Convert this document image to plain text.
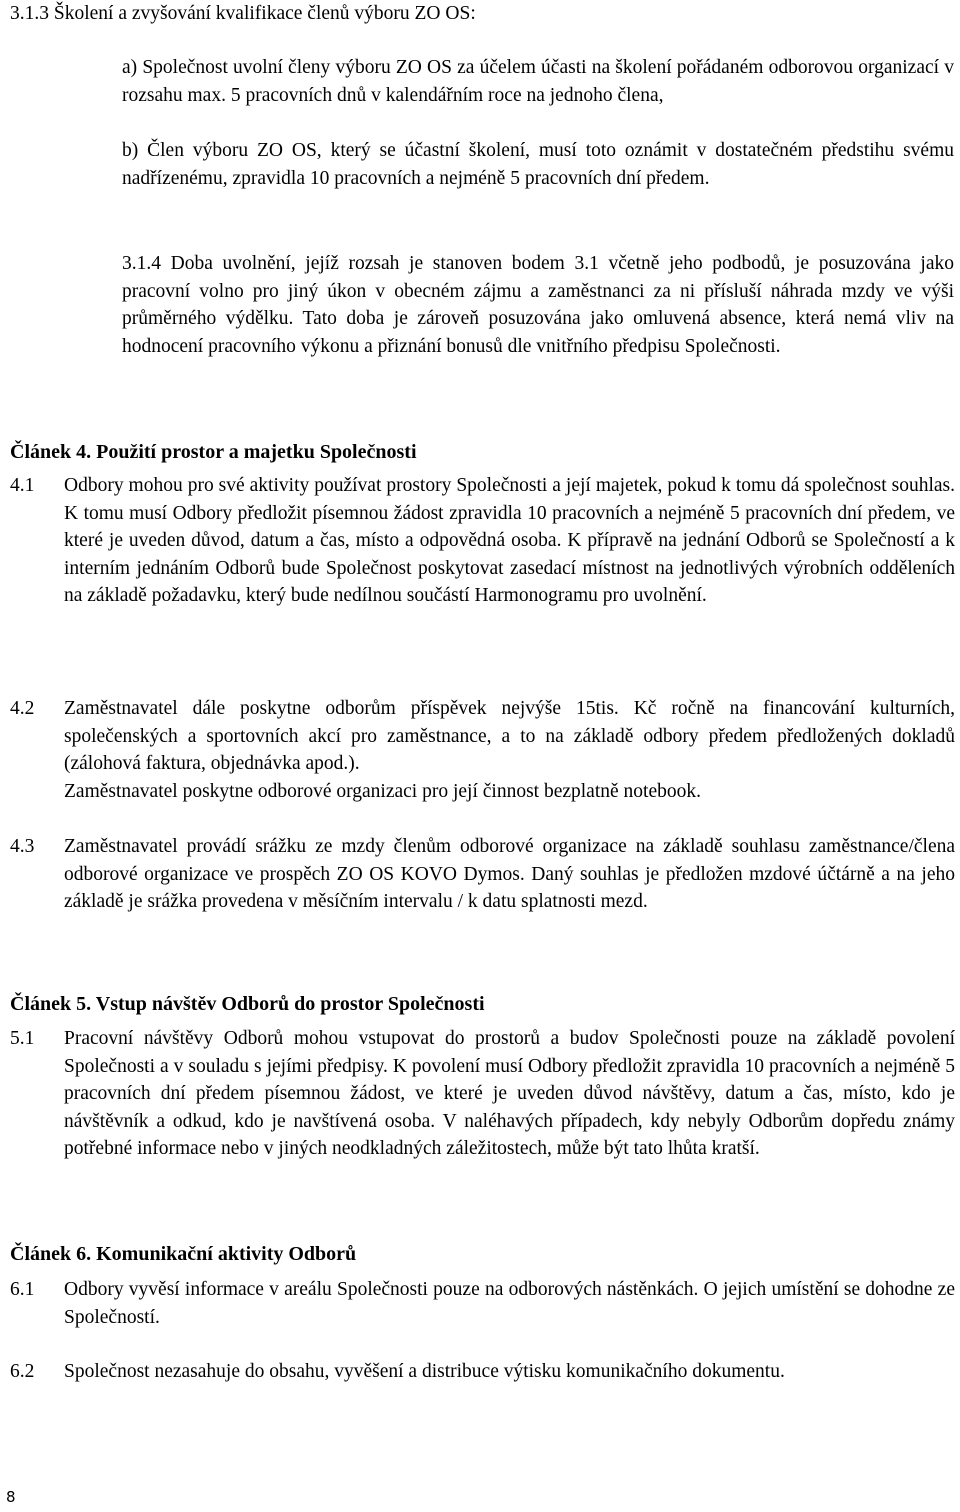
3.1.3 Školení a zvyšování kvalifikace členů výboru ZO OS:
a) Společnost uvolní členy výboru ZO OS za účelem účasti na školení pořádaném odborovou organizací v rozsahu max. 5 pracovních dnů v kalendářním roce na jednoho člena,
b) Člen výboru ZO OS, který se účastní školení, musí toto oznámit v dostatečném předstihu svému nadřízenému, zpravidla 10 pracovních a nejméně 5 pracovních dní předem.
3.1.4 Doba uvolnění, jejíž rozsah je stanoven bodem 3.1 včetně jeho podbodů, je posuzována jako pracovní volno pro jiný úkon v obecném zájmu a zaměstnanci za ni přísluší náhrada mzdy ve výši průměrného výdělku. Tato doba je zároveň posuzována jako omluvená absence, která nemá vliv na hodnocení pracovního výkonu a přiznání bonusů dle vnitřního předpisu Společnosti.
Článek 4. Použití prostor a majetku Společnosti
4.1	Odbory mohou pro své aktivity používat prostory Společnosti a její majetek, pokud k tomu dá společnost souhlas. K tomu musí Odbory předložit písemnou žádost zpravidla 10 pracovních a nejméně 5 pracovních dní předem, ve které je uveden důvod, datum a čas, místo a odpovědná osoba. K přípravě na jednání Odborů se Společností a k interním jednáním Odborů bude Společnost poskytovat zasedací místnost na jednotlivých výrobních odděleních na základě požadavku, který bude nedílnou součástí Harmonogramu pro uvolnění.
4.2	Zaměstnavatel dále poskytne odborům příspěvek nejvýše 15tis. Kč ročně na financování kulturních, společenských a sportovních akcí pro zaměstnance, a to na základě odbory předem předložených dokladů (zálohová faktura, objednávka apod.).
Zaměstnavatel poskytne odborové organizaci pro její činnost bezplatně notebook.
4.3	Zaměstnavatel provádí srážku ze mzdy členům odborové organizace na základě souhlasu zaměstnance/člena odborové organizace ve prospěch ZO OS KOVO Dymos. Daný souhlas je předložen mzdové účtárně a na jeho základě je srážka provedena v měsíčním intervalu / k datu splatnosti mezd.
Článek 5. Vstup návštěv Odborů do prostor Společnosti
5.1	Pracovní návštěvy Odborů mohou vstupovat do prostorů a budov Společnosti pouze na základě povolení Společnosti a v souladu s jejími předpisy. K povolení musí Odbory předložit zpravidla 10 pracovních a nejméně 5 pracovních dní předem písemnou žádost, ve které je uveden důvod návštěvy, datum a čas, místo, kdo je návštěvník a odkud, kdo je navštívená osoba. V naléhavých případech, kdy nebyly Odborům dopředu známy potřebné informace nebo v jiných neodkladných záležitostech, může být tato lhůta kratší.
Článek 6. Komunikační aktivity Odborů
6.1	Odbory vyvěsí informace v areálu Společnosti pouze na odborových nástěnkách. O jejich umístění se dohodne ze Společností.
6.2	Společnost nezasahuje do obsahu, vyvěšení a distribuce výtisku komunikačního dokumentu.
8
